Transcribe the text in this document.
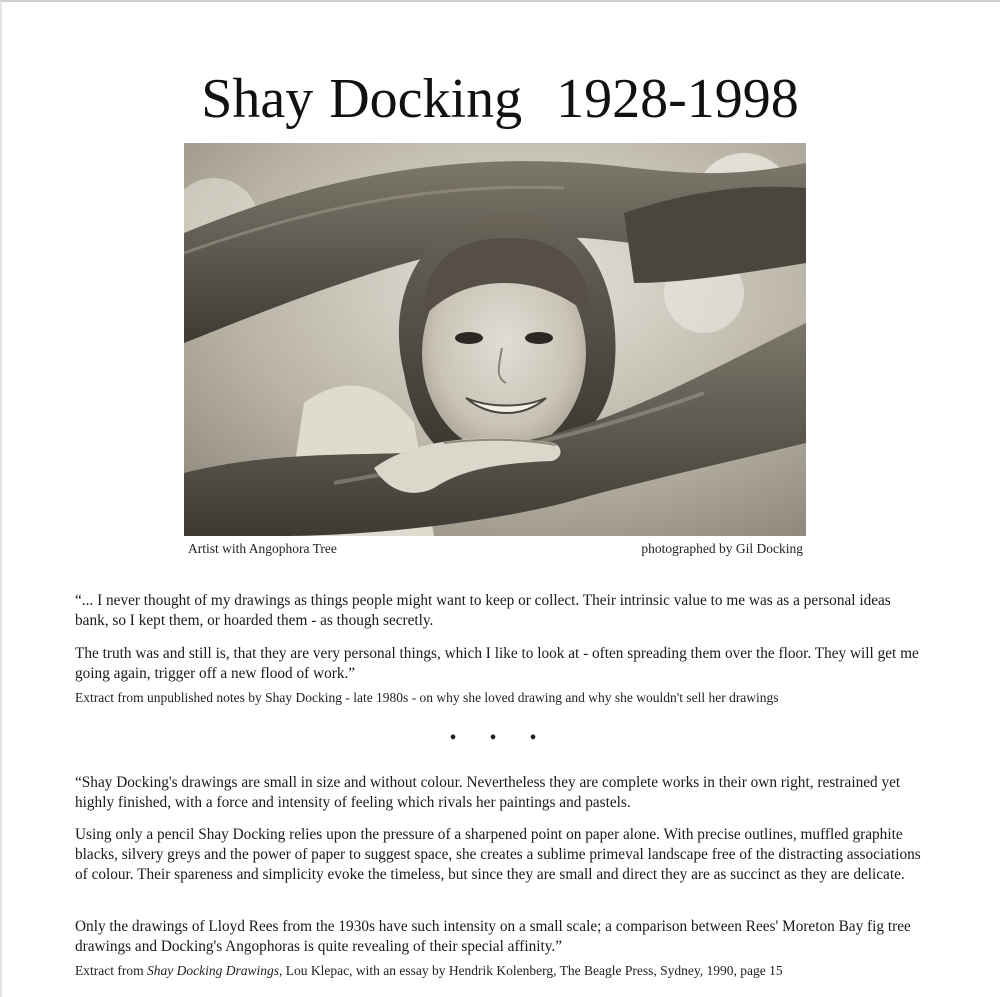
Shay Docking 1928-1998
Artist with Angophora Tree	photographed by Gil Docking

“... I never thought of my drawings as things people might want to keep or collect. Their intrinsic value to me was as a personal ideas bank, so I kept them, or hoarded them - as though secretly.

The truth was and still is, that they are very personal things, which I like to look at - often spreading them over the floor. They will get me going again, trigger off a new flood of work.”

Extract from unpublished notes by Shay Docking - late 1980s - on why she loved drawing and why she wouldn't sell her drawings

• • •

“Shay Docking's drawings are small in size and without colour. Nevertheless they are complete works in their own right, restrained yet highly finished, with a force and intensity of feeling which rivals her paintings and pastels.

Using only a pencil Shay Docking relies upon the pressure of a sharpened point on paper alone. With precise outlines, muffled graphite blacks, silvery greys and the power of paper to suggest space, she creates a sublime primeval landscape free of the distracting associations of colour. Their spareness and simplicity evoke the timeless, but since they are small and direct they are as succinct as they are delicate.

Only the drawings of Lloyd Rees from the 1930s have such intensity on a small scale; a comparison between Rees' Moreton Bay fig tree drawings and Docking's Angophoras is quite revealing of their special affinity.”

Extract from Shay Docking Drawings, Lou Klepac, with an essay by Hendrik Kolenberg, The Beagle Press, Sydney, 1990, page 15
